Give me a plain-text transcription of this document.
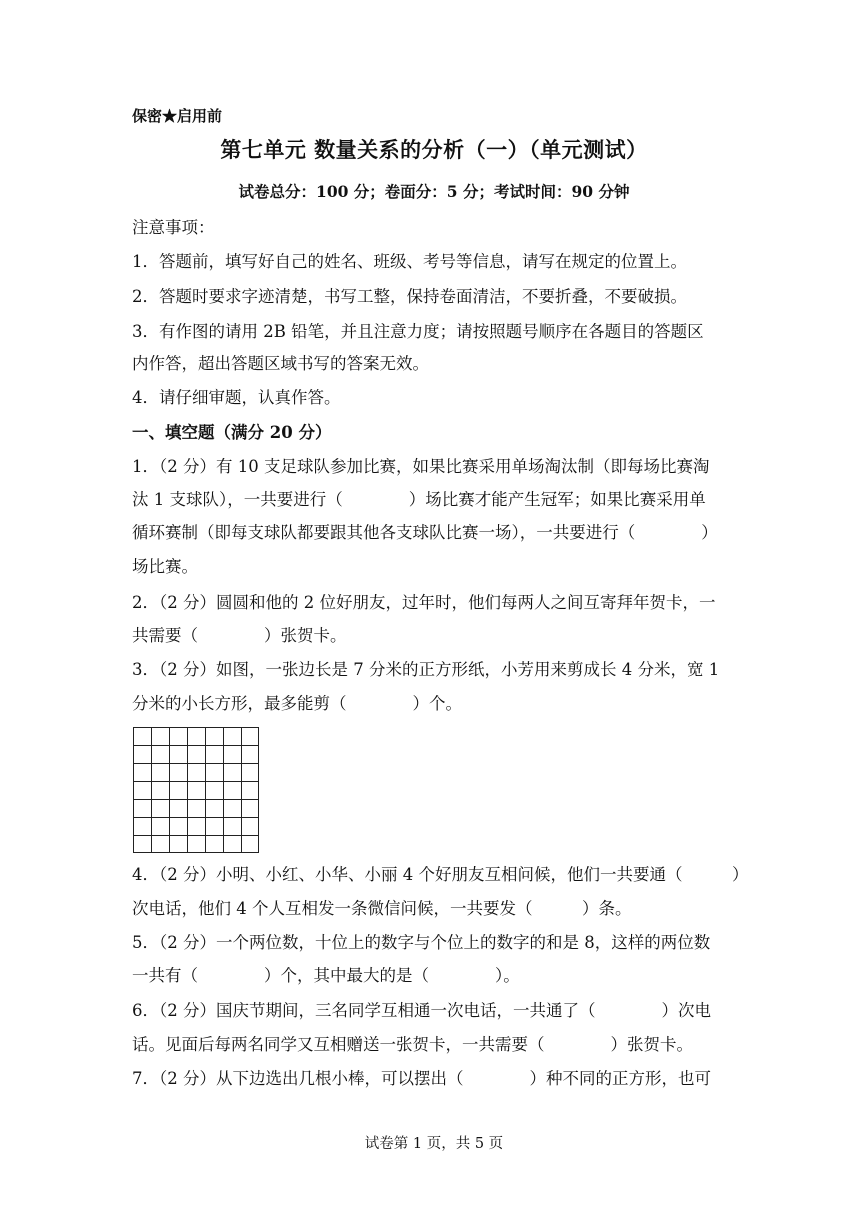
保密★启用前
第七单元 数量关系的分析（一）（单元测试）
试卷总分：100 分；卷面分：5 分；考试时间：90 分钟
注意事项：
1．答题前，填写好自己的姓名、班级、考号等信息，请写在规定的位置上。
2．答题时要求字迹清楚，书写工整，保持卷面清洁，不要折叠，不要破损。
3．有作图的请用 2B 铅笔，并且注意力度；请按照题号顺序在各题目的答题区
内作答，超出答题区域书写的答案无效。
4．请仔细审题，认真作答。
一、填空题（满分 20 分）
1．（2 分）有 10 支足球队参加比赛，如果比赛采用单场淘汰制（即每场比赛淘
汰 1 支球队），一共要进行（　　　　）场比赛才能产生冠军；如果比赛采用单
循环赛制（即每支球队都要跟其他各支球队比赛一场），一共要进行（　　　　）
场比赛。
2．（2 分）圆圆和他的 2 位好朋友，过年时，他们每两人之间互寄拜年贺卡，一
共需要（　　　　）张贺卡。
3．（2 分）如图，一张边长是 7 分米的正方形纸，小芳用来剪成长 4 分米，宽 1
分米的小长方形，最多能剪（　　　　）个。
4．（2 分）小明、小红、小华、小丽 4 个好朋友互相问候，他们一共要通（　　　）
次电话，他们 4 个人互相发一条微信问候，一共要发（　　　）条。
5．（2 分）一个两位数，十位上的数字与个位上的数字的和是 8，这样的两位数
一共有（　　　　）个，其中最大的是（　　　　）。
6．（2 分）国庆节期间，三名同学互相通一次电话，一共通了（　　　　）次电
话。见面后每两名同学又互相赠送一张贺卡，一共需要（　　　　）张贺卡。
7．（2 分）从下边选出几根小棒，可以摆出（　　　　）种不同的正方形，也可
试卷第 1 页，共 5 页
